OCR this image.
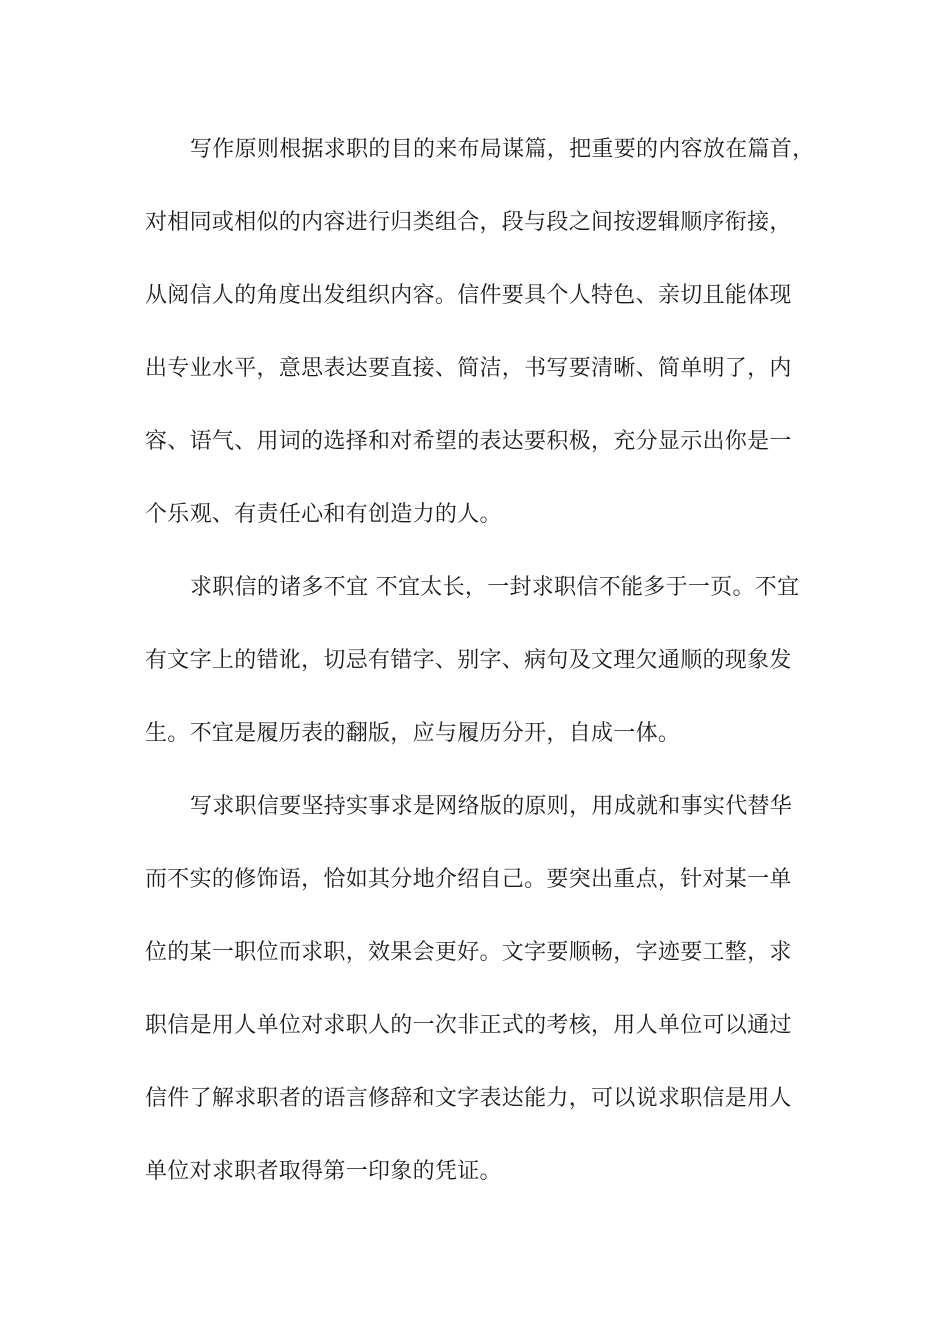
写作原则根据求职的目的来布局谋篇，把重要的内容放在篇首，
对相同或相似的内容进行归类组合，段与段之间按逻辑顺序衔接，
从阅信人的角度出发组织内容。信件要具个人特色、亲切且能体现
出专业水平，意思表达要直接、简洁，书写要清晰、简单明了，内
容、语气、用词的选择和对希望的表达要积极，充分显示出你是一
个乐观、有责任心和有创造力的人。
求职信的诸多不宜 不宜太长，一封求职信不能多于一页。不宜
有文字上的错讹，切忌有错字、别字、病句及文理欠通顺的现象发
生。不宜是履历表的翻版，应与履历分开，自成一体。
写求职信要坚持实事求是网络版的原则，用成就和事实代替华
而不实的修饰语，恰如其分地介绍自己。要突出重点，针对某一单
位的某一职位而求职，效果会更好。文字要顺畅，字迹要工整，求
职信是用人单位对求职人的一次非正式的考核，用人单位可以通过
信件了解求职者的语言修辞和文字表达能力，可以说求职信是用人
单位对求职者取得第一印象的凭证。
